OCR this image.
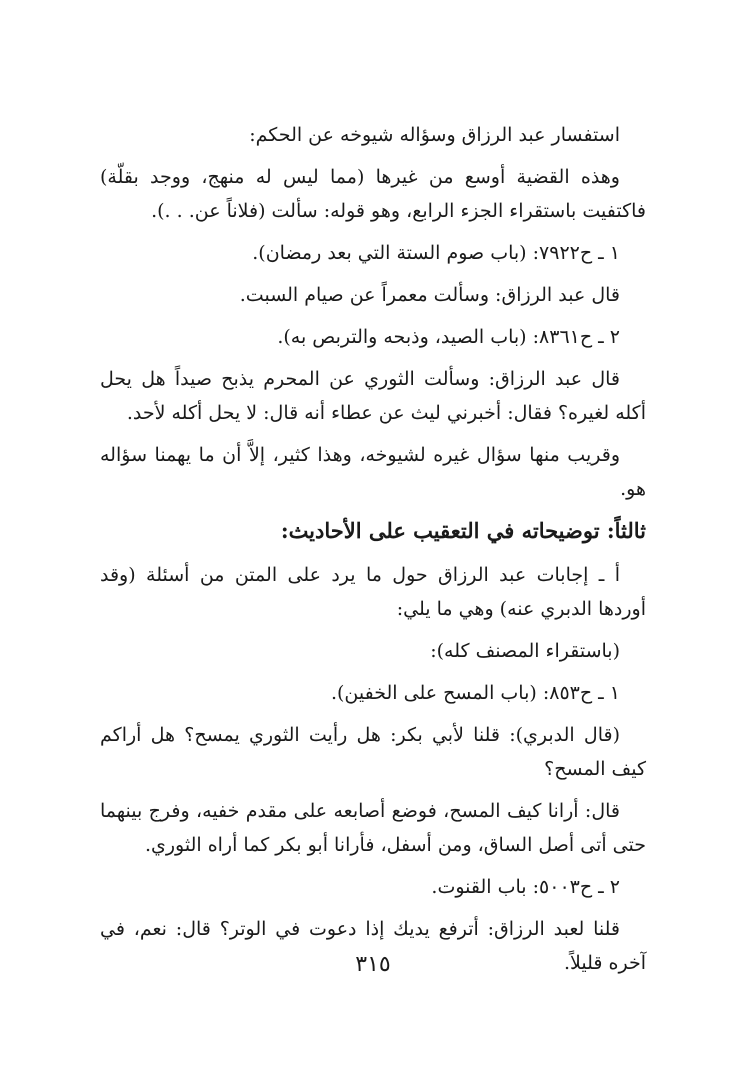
استفسار عبد الرزاق وسؤاله شيوخه عن الحكم:

وهذه القضية أوسع من غيرها (مما ليس له منهج، ووجد بقلّة) فاكتفيت باستقراء الجزء الرابع، وهو قوله: سألت (فلاناً عن. . .).

١ ـ ح٧٩٢٢: (باب صوم الستة التي بعد رمضان).

قال عبد الرزاق: وسألت معمراً عن صيام السبت.

٢ ـ ح٨٣٦١: (باب الصيد، وذبحه والتربص به).

قال عبد الرزاق: وسألت الثوري عن المحرم يذبح صيداً هل يحل أكله لغيره؟ فقال: أخبرني ليث عن عطاء أنه قال: لا يحل أكله لأحد.

وقريب منها سؤال غيره لشيوخه، وهذا كثير، إلاَّ أن ما يهمنا سؤاله هو.

ثالثاً: توضيحاته في التعقيب على الأحاديث:

أ ـ إجابات عبد الرزاق حول ما يرد على المتن من أسئلة (وقد أوردها الدبري عنه) وهي ما يلي:

(باستقراء المصنف كله):

١ ـ ح٨٥٣: (باب المسح على الخفين).

(قال الدبري): قلنا لأبي بكر: هل رأيت الثوري يمسح؟ هل أراكم كيف المسح؟

قال: أرانا كيف المسح، فوضع أصابعه على مقدم خفيه، وفرج بينهما حتى أتى أصل الساق، ومن أسفل، فأرانا أبو بكر كما أراه الثوري.

٢ ـ ح٥٠٠٣: باب القنوت.

قلنا لعبد الرزاق: أترفع يديك إذا دعوت في الوتر؟ قال: نعم، في آخره قليلاً.

٣١٥
